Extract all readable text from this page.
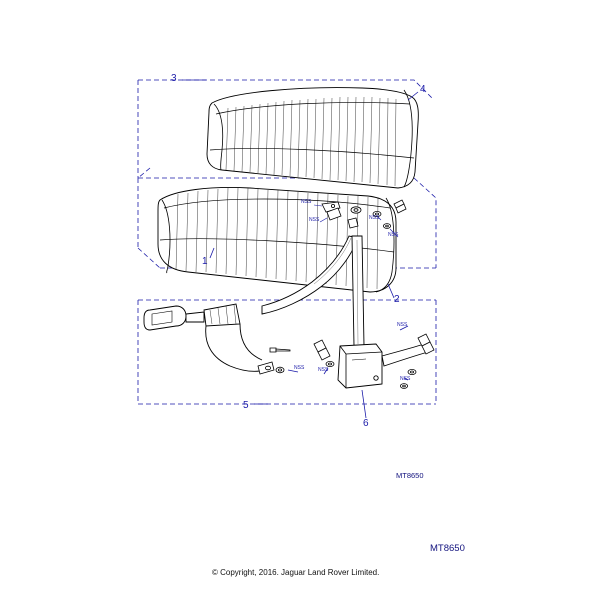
1
2
3
4
5
6
NSS
NSS	NSS
NSS
NSS
NSS	NSS
NSS
MT8650
MT8650
© Copyright, 2016. Jaguar Land Rover Limited.
